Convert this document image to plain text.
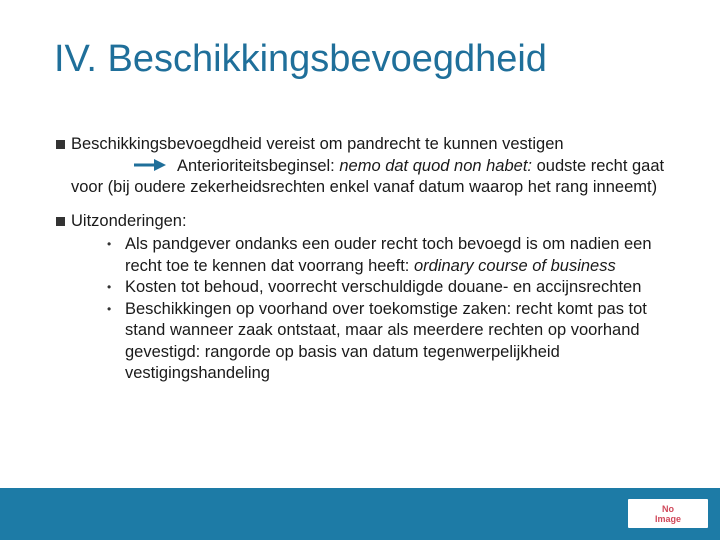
IV. Beschikkingsbevoegdheid
Beschikkingsbevoegdheid vereist om pandrecht te kunnen vestigen
Anterioriteitsbeginsel: nemo dat quod non habet: oudste recht gaat
voor (bij oudere zekerheidsrechten enkel vanaf datum waarop het rang inneemt)
Uitzonderingen:
• Als pandgever ondanks een ouder recht toch bevoegd is om nadien een recht toe te kennen dat voorrang heeft: ordinary course of business
• Kosten tot behoud, voorrecht verschuldigde douane- en accijnsrechten
• Beschikkingen op voorhand over toekomstige zaken: recht komt pas tot stand wanneer zaak ontstaat, maar als meerdere rechten op voorhand gevestigd: rangorde op basis van datum tegenwerpelijkheid vestigingshandeling
No
Image
